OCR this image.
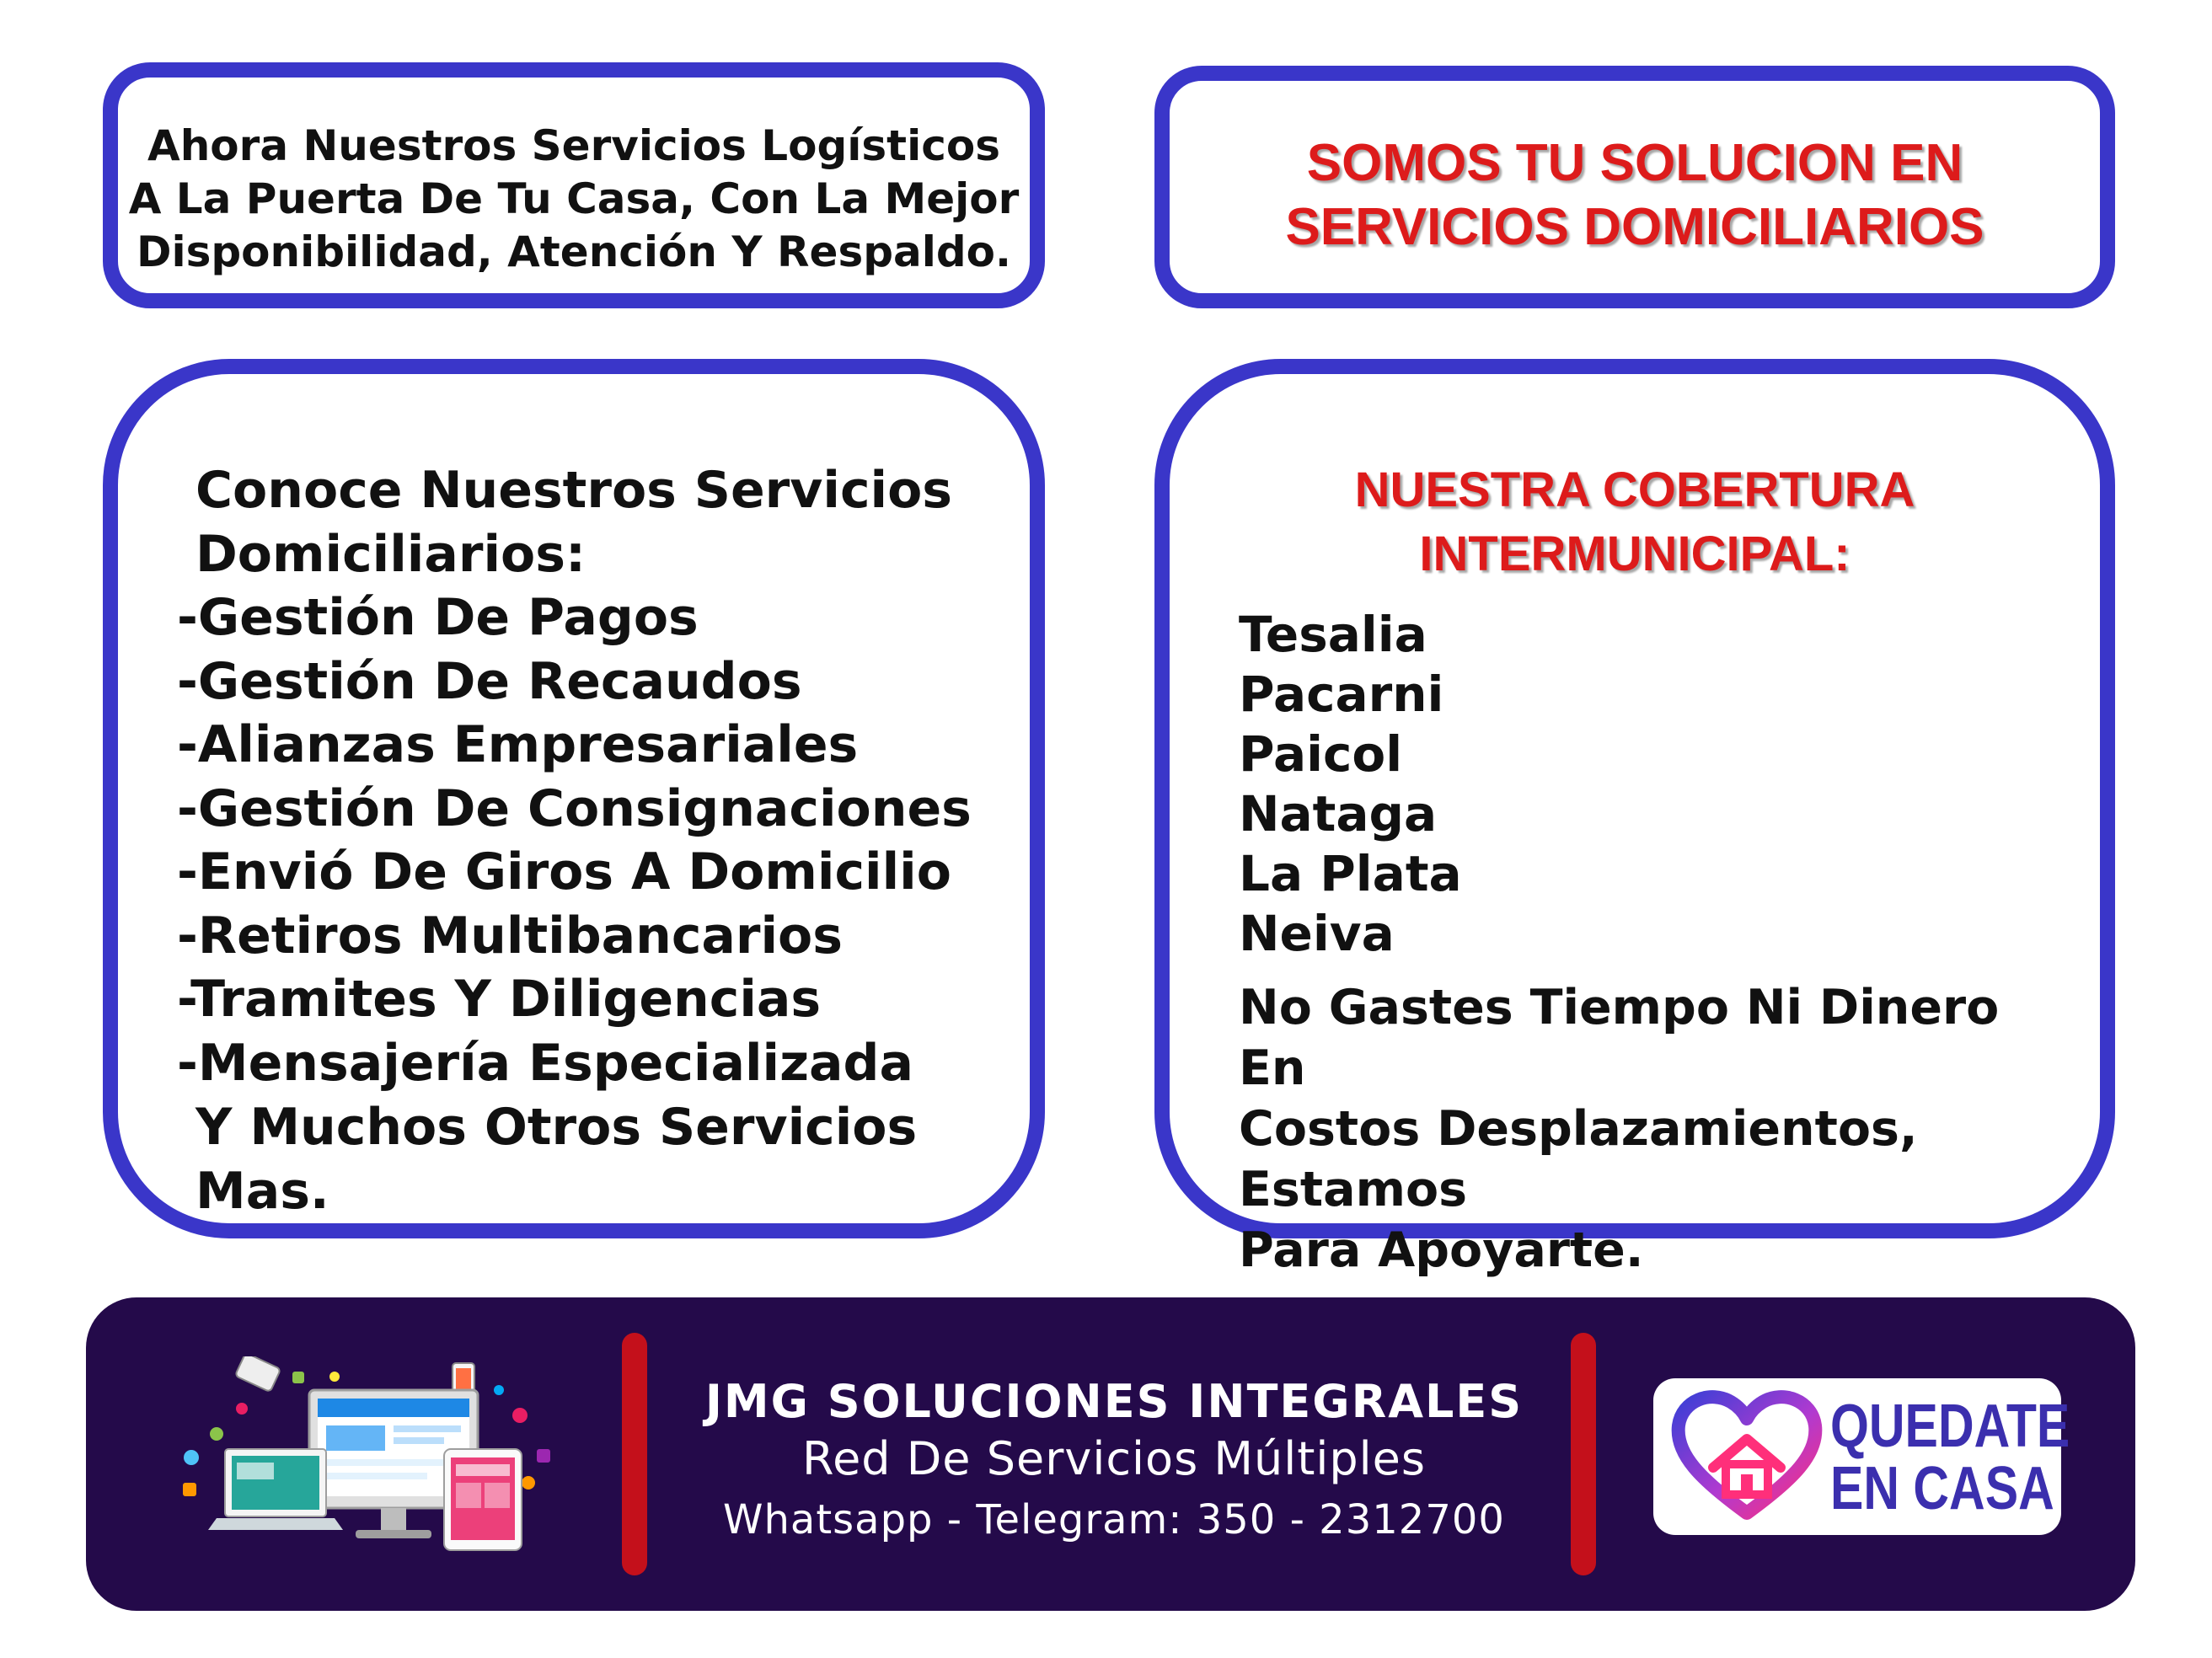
Ahora Nuestros Servicios Logísticos
A La Puerta De Tu Casa, Con La Mejor
Disponibilidad, Atención Y Respaldo.
SOMOS TU SOLUCION EN
SERVICIOS DOMICILIARIOS
Conoce Nuestros Servicios
Domiciliarios:
-Gestión De Pagos
-Gestión De Recaudos
-Alianzas Empresariales
-Gestión De Consignaciones
-Envió De Giros A Domicilio
-Retiros Multibancarios
-Tramites Y Diligencias
-Mensajería Especializada
Y Muchos Otros Servicios Mas.
NUESTRA COBERTURA
INTERMUNICIPAL:
Tesalia
Pacarni
Paicol
Nataga
La Plata
Neiva
No Gastes Tiempo Ni Dinero En
Costos Desplazamientos, Estamos
Para Apoyarte.
JMG SOLUCIONES INTEGRALES
Red De Servicios Múltiples
Whatsapp - Telegram: 350 - 2312700
QUEDATE
EN CASA
